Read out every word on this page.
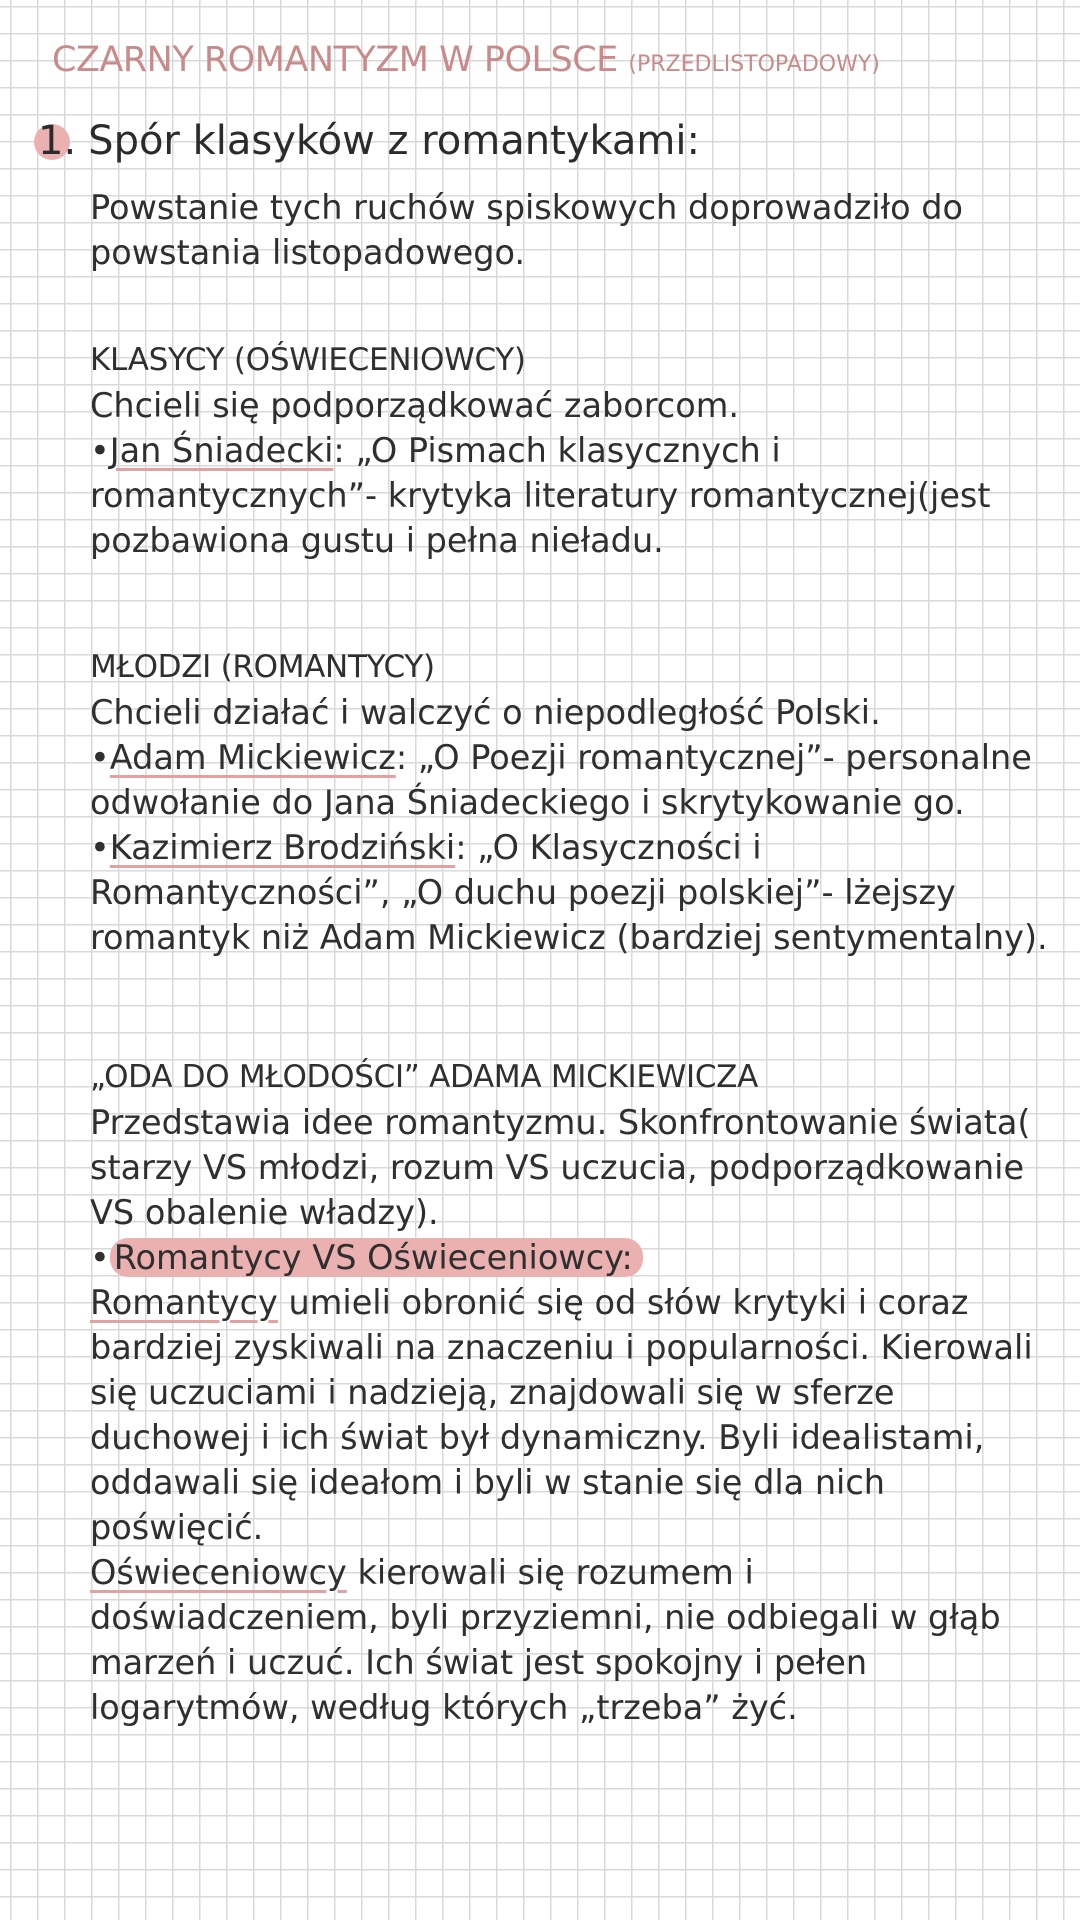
CZARNY ROMANTYZM W POLSCE (PRZEDLISTOPADOWY)
1. Spór klasyków z romantykami:

Powstanie tych ruchów spiskowych doprowadziło do powstania listopadowego.

KLASYCY (OŚWIECENIOWCY)

Chcieli się podporządkować zaborcom.

•Jan Śniadecki: „O Pismach klasycznych i romantycznych”- krytyka literatury romantycznej(jest pozbawiona gustu i pełna nieładu.

MŁODZI (ROMANTYCY)

Chcieli działać i walczyć o niepodległość Polski.

•Adam Mickiewicz: „O Poezji romantycznej”- personalne odwołanie do Jana Śniadeckiego i skrytykowanie go.

•Kazimierz Brodziński: „O Klasyczności i Romantyczności”, „O duchu poezji polskiej”- lżejszy romantyk niż Adam Mickiewicz (bardziej sentymentalny).

„ODA DO MŁODOŚCI” ADAMA MICKIEWICZA

Przedstawia idee romantyzmu. Skonfrontowanie świata( starzy VS młodzi, rozum VS uczucia, podporządkowanie VS obalenie władzy).

• Romantycy VS Oświeceniowcy:

Romantycy umieli obronić się od słów krytyki i coraz bardziej zyskiwali na znaczeniu i popularności. Kierowali się uczuciami i nadzieją, znajdowali się w sferze duchowej i ich świat był dynamiczny. Byli idealistami, oddawali się ideałom i byli w stanie się dla nich poświęcić.

Oświeceniowcy kierowali się rozumem i doświadczeniem, byli przyziemni, nie odbiegali w głąb marzeń i uczuć. Ich świat jest spokojny i pełen logarytmów, według których „trzeba” żyć.
